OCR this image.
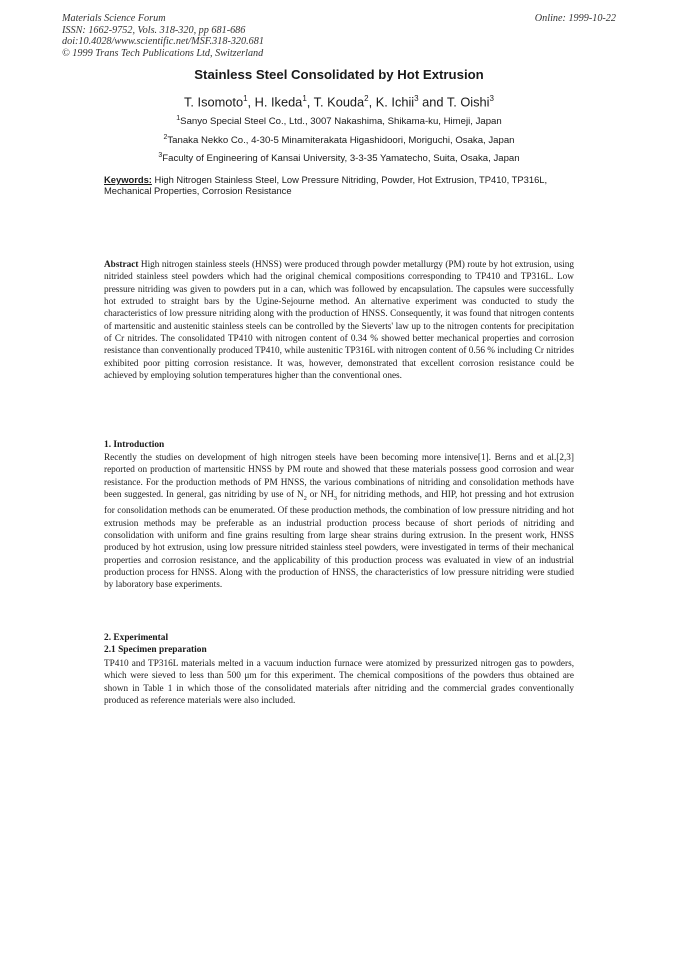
Materials Science Forum
ISSN: 1662-9752, Vols. 318-320, pp 681-686
doi:10.4028/www.scientific.net/MSF.318-320.681
© 1999 Trans Tech Publications Ltd, Switzerland
Online: 1999-10-22
Stainless Steel Consolidated by Hot Extrusion
T. Isomoto$^1$, H. Ikeda$^1$, T. Kouda$^2$, K. Ichii$^3$ and T. Oishi$^3$
$^1$Sanyo Special Steel Co., Ltd., 3007 Nakashima, Shikama-ku, Himeji, Japan
$^2$Tanaka Nekko Co., 4-30-5 Minamiterakata Higashidoori, Moriguchi, Osaka, Japan
$^3$Faculty of Engineering of Kansai University, 3-3-35 Yamatecho, Suita, Osaka, Japan
Keywords: High Nitrogen Stainless Steel, Low Pressure Nitriding, Powder, Hot Extrusion, TP410, TP316L, Mechanical Properties, Corrosion Resistance
Abstract High nitrogen stainless steels (HNSS) were produced through powder metallurgy (PM) route by hot extrusion, using nitrided stainless steel powders which had the original chemical compositions corresponding to TP410 and TP316L. Low pressure nitriding was given to powders put in a can, which was followed by encapsulation. The capsules were successfully hot extruded to straight bars by the Ugine-Sejourne method. An alternative experiment was conducted to study the characteristics of low pressure nitriding along with the production of HNSS. Consequently, it was found that nitrogen contents of martensitic and austenitic stainless steels can be controlled by the Sieverts' law up to the nitrogen contents for precipitation of Cr nitrides. The consolidated TP410 with nitrogen content of 0.34 % showed better mechanical properties and corrosion resistance than conventionally produced TP410, while austenitic TP316L with nitrogen content of 0.56 % including Cr nitrides exhibited poor pitting corrosion resistance. It was, however, demonstrated that excellent corrosion resistance could be achieved by employing solution temperatures higher than the conventional ones.
1. Introduction
Recently the studies on development of high nitrogen steels have been becoming more intensive[1]. Berns and et al.[2,3] reported on production of martensitic HNSS by PM route and showed that these materials possess good corrosion and wear resistance. For the production methods of PM HNSS, the various combinations of nitriding and consolidation methods have been suggested. In general, gas nitriding by use of $N_2$ or $NH_3$ for nitriding methods, and HIP, hot pressing and hot extrusion for consolidation methods can be enumerated. Of these production methods, the combination of low pressure nitriding and hot extrusion methods may be preferable as an industrial production process because of short periods of nitriding and consolidation with uniform and fine grains resulting from large shear strains during extrusion. In the present work, HNSS produced by hot extrusion, using low pressure nitrided stainless steel powders, were investigated in terms of their mechanical properties and corrosion resistance, and the applicability of this production process was evaluated in view of an industrial production process for HNSS. Along with the production of HNSS, the characteristics of low pressure nitriding were studied by laboratory base experiments.
2. Experimental
2.1 Specimen preparation
TP410 and TP316L materials melted in a vacuum induction furnace were atomized by pressurized nitrogen gas to powders, which were sieved to less than 500 μm for this experiment. The chemical compositions of the powders thus obtained are shown in Table 1 in which those of the consolidated materials after nitriding and the commercial grades conventionally produced as reference materials were also included.
